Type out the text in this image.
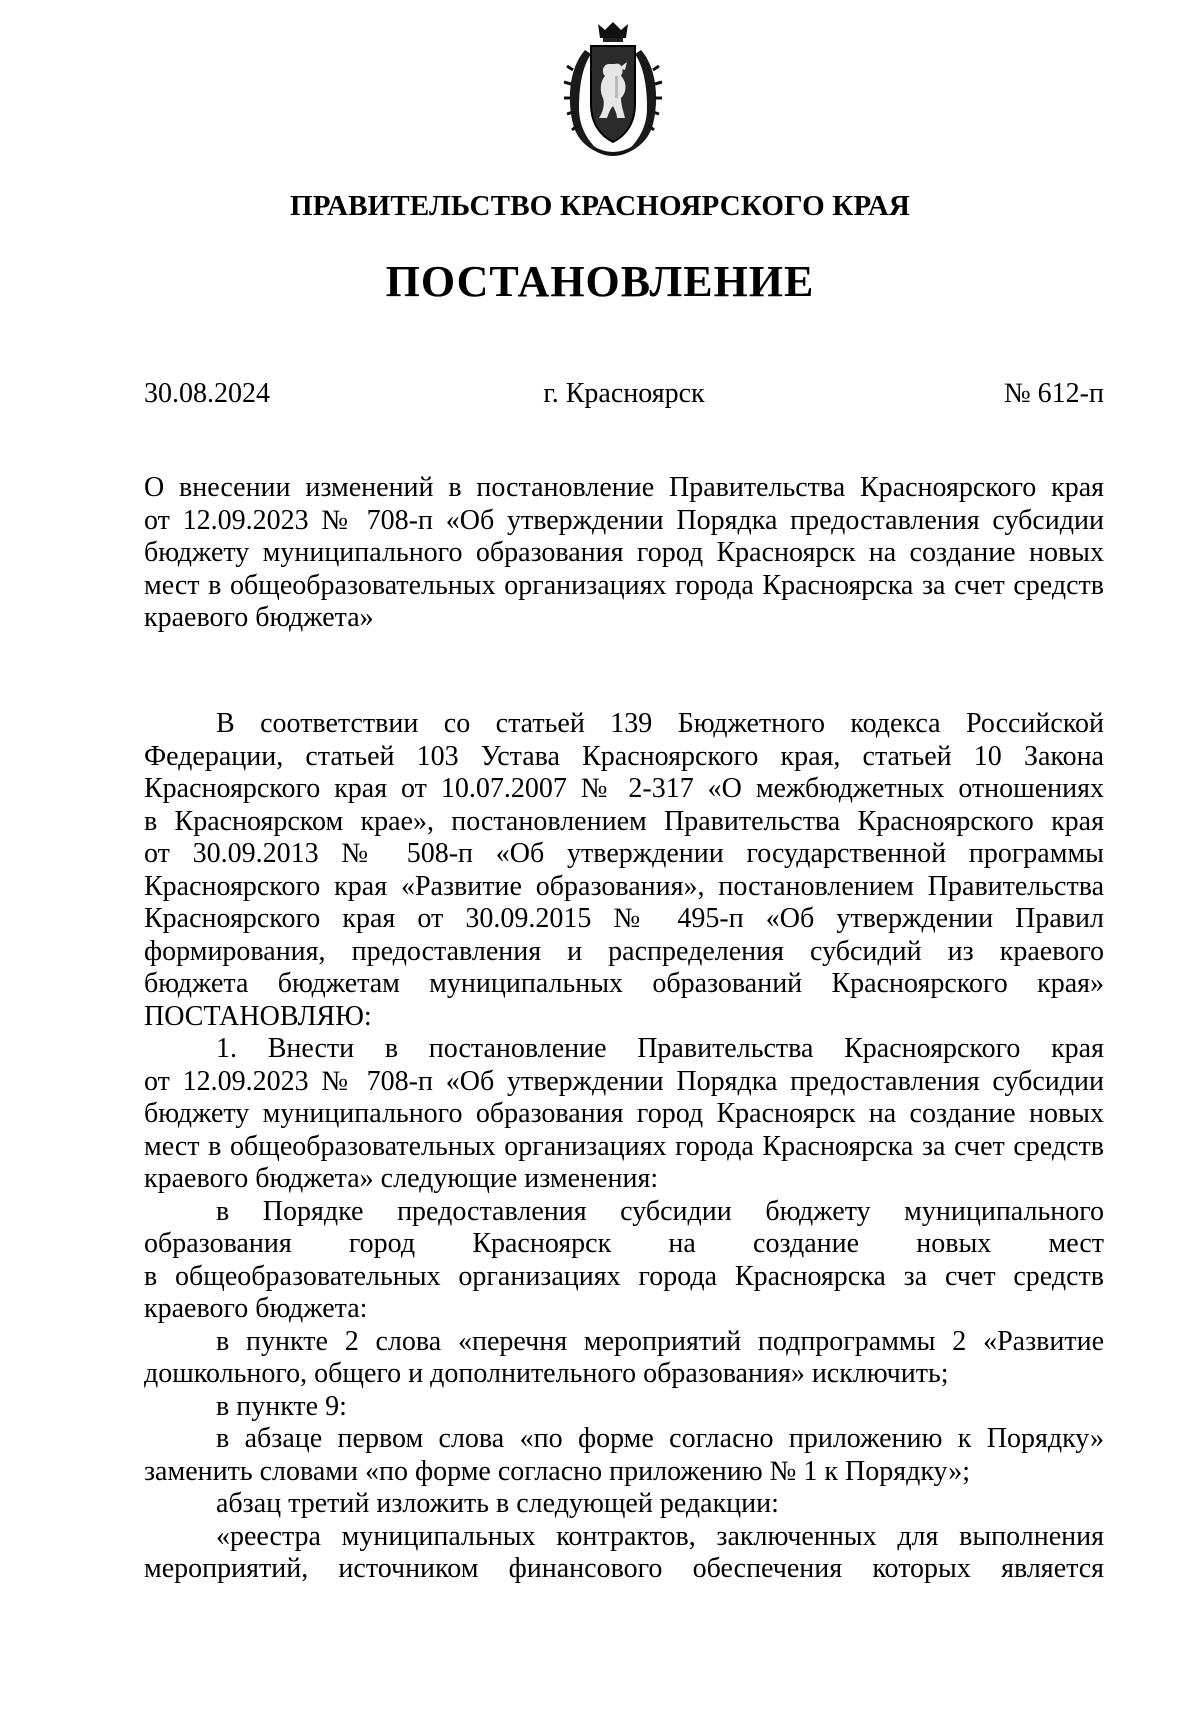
ПРАВИТЕЛЬСТВО КРАСНОЯРСКОГО КРАЯ
ПОСТАНОВЛЕНИЕ
30.08.2024	г. Красноярск	№ 612-п
О внесении изменений в постановление Правительства Красноярского края
от 12.09.2023 № 708-п «Об утверждении Порядка предоставления субсидии
бюджету муниципального образования город Красноярск на создание новых
мест в общеобразовательных организациях города Красноярска за счет средств
краевого бюджета»
В соответствии со статьей 139 Бюджетного кодекса Российской
Федерации, статьей 103 Устава Красноярского края, статьей 10 Закона
Красноярского края от 10.07.2007 № 2-317 «О межбюджетных отношениях
в Красноярском крае», постановлением Правительства Красноярского края
от 30.09.2013 № 508-п «Об утверждении государственной программы
Красноярского края «Развитие образования», постановлением Правительства
Красноярского края от 30.09.2015 № 495-п «Об утверждении Правил
формирования, предоставления и распределения субсидий из краевого
бюджета бюджетам муниципальных образований Красноярского края»
ПОСТАНОВЛЯЮ:
1. Внести в постановление Правительства Красноярского края
от 12.09.2023 № 708-п «Об утверждении Порядка предоставления субсидии
бюджету муниципального образования город Красноярск на создание новых
мест в общеобразовательных организациях города Красноярска за счет средств
краевого бюджета» следующие изменения:
в Порядке предоставления субсидии бюджету муниципального
образования город Красноярск на создание новых мест
в общеобразовательных организациях города Красноярска за счет средств
краевого бюджета:
в пункте 2 слова «перечня мероприятий подпрограммы 2 «Развитие
дошкольного, общего и дополнительного образования» исключить;
в пункте 9:
в абзаце первом слова «по форме согласно приложению к Порядку»
заменить словами «по форме согласно приложению № 1 к Порядку»;
абзац третий изложить в следующей редакции:
«реестра муниципальных контрактов, заключенных для выполнения
мероприятий, источником финансового обеспечения которых является
